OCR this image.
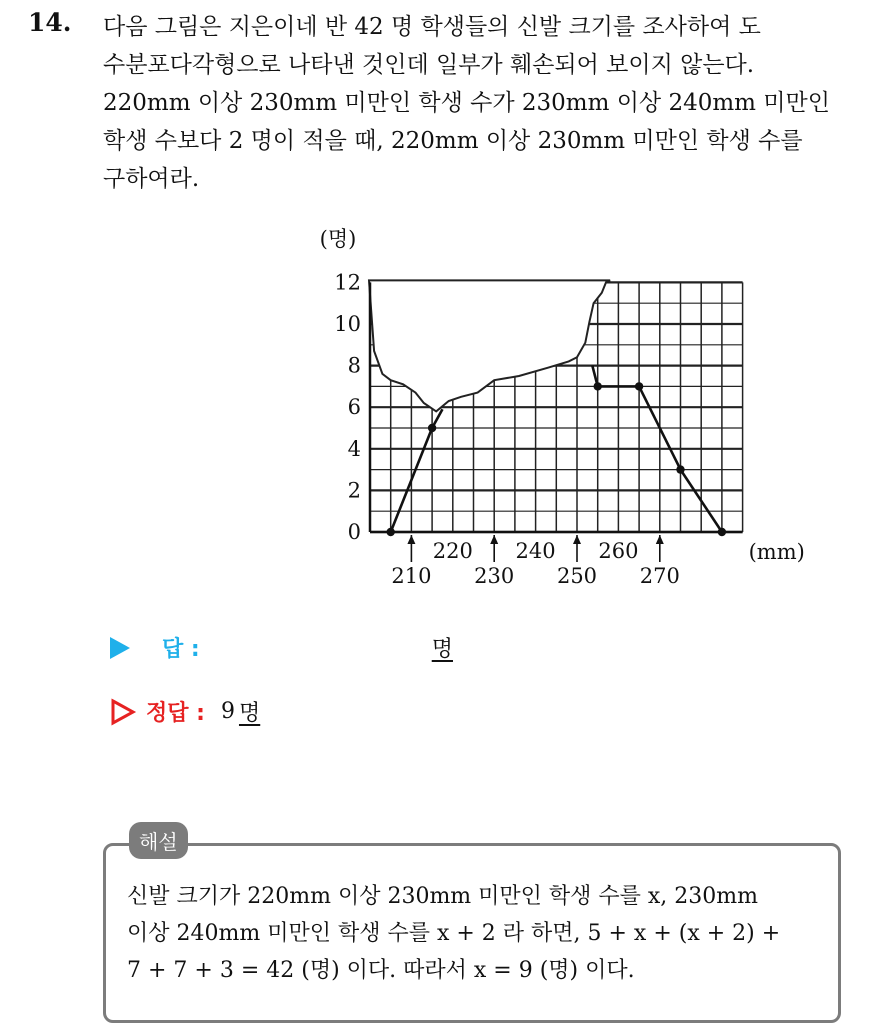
14. 다음 그림은 지은이네 반 42 명 학생들의 신발 크기를 조사하여 도
수분포다각형으로 나타낸 것인데 일부가 훼손되어 보이지 않는다.
220mm 이상 230mm 미만인 학생 수가 230mm 이상 240mm 미만인
학생 수보다 2 명이 적을 때, 220mm 이상 230mm 미만인 학생 수를
구하여라.

0
2
4
6
8
10
12
(명)
220 240 260
210 230 250 270
(mm)
답 :	명
정답 : 9 명
해설

신발 크기가 220mm 이상 230mm 미만인 학생 수를 x, 230mm
이상 240mm 미만인 학생 수를 x + 2 라 하면, 5 + x + (x + 2) +
7 + 7 + 3 = 42 (명) 이다. 따라서 x = 9 (명) 이다.
